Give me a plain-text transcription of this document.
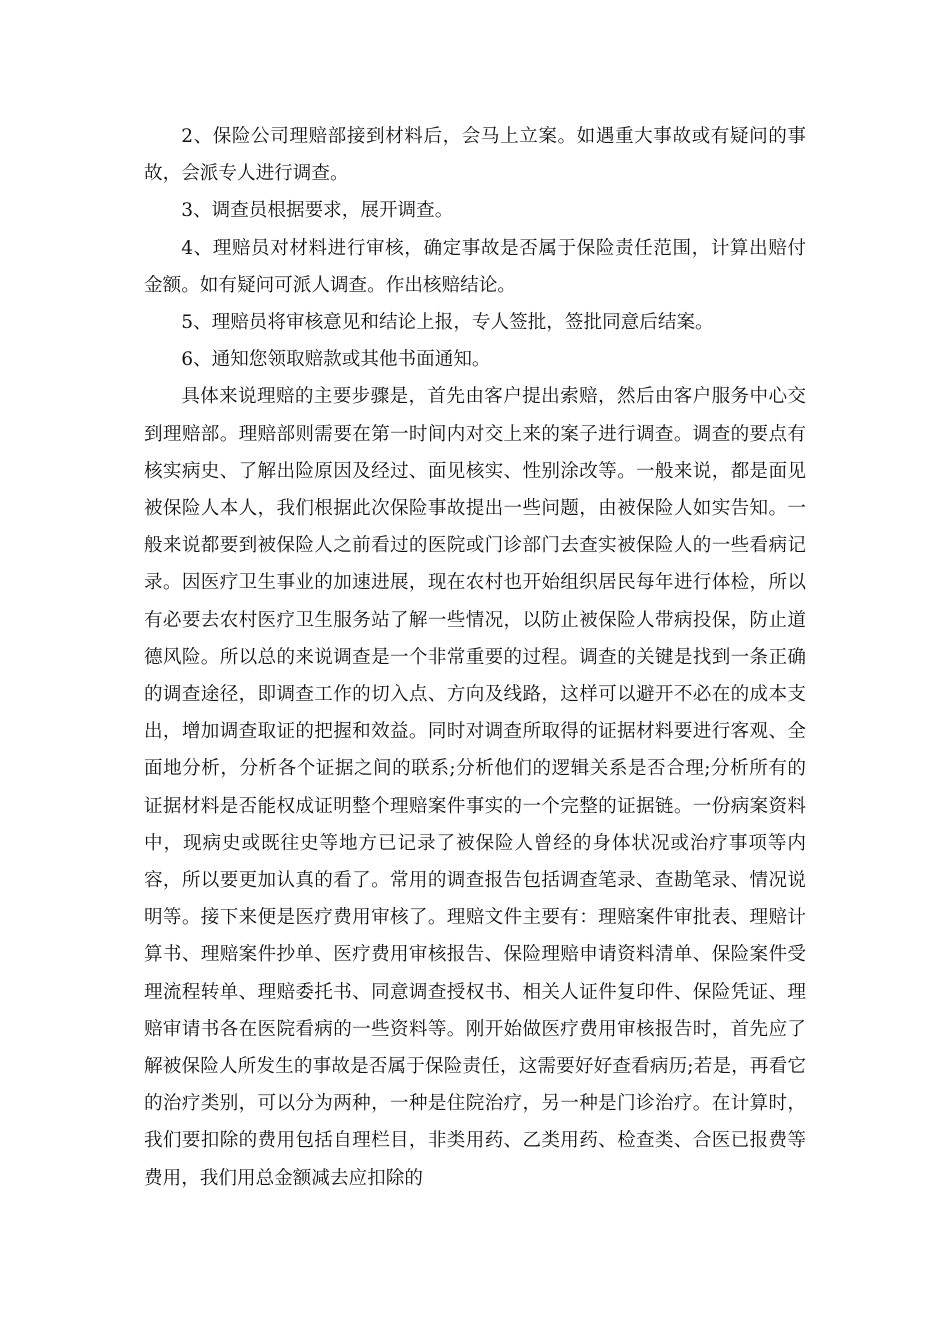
2、保险公司理赔部接到材料后，会马上立案。如遇重大事故或有疑问的事故，会派专人进行调查。

3、调查员根据要求，展开调查。

4、理赔员对材料进行审核，确定事故是否属于保险责任范围，计算出赔付金额。如有疑问可派人调查。作出核赔结论。

5、理赔员将审核意见和结论上报，专人签批，签批同意后结案。

6、通知您领取赔款或其他书面通知。

具体来说理赔的主要步骤是，首先由客户提出索赔，然后由客户服务中心交到理赔部。理赔部则需要在第一时间内对交上来的案子进行调查。调查的要点有核实病史、了解出险原因及经过、面见核实、性别涂改等。一般来说，都是面见被保险人本人，我们根据此次保险事故提出一些问题，由被保险人如实告知。一般来说都要到被保险人之前看过的医院或门诊部门去查实被保险人的一些看病记录。因医疗卫生事业的加速进展，现在农村也开始组织居民每年进行体检，所以有必要去农村医疗卫生服务站了解一些情况，以防止被保险人带病投保，防止道德风险。所以总的来说调查是一个非常重要的过程。调查的关键是找到一条正确的调查途径，即调查工作的切入点、方向及线路，这样可以避开不必在的成本支出，增加调查取证的把握和效益。同时对调查所取得的证据材料要进行客观、全面地分析，分析各个证据之间的联系;分析他们的逻辑关系是否合理;分析所有的证据材料是否能权成证明整个理赔案件事实的一个完整的证据链。一份病案资料中，现病史或既往史等地方已记录了被保险人曾经的身体状况或治疗事项等内容，所以要更加认真的看了。常用的调查报告包括调查笔录、查勘笔录、情况说明等。接下来便是医疗费用审核了。理赔文件主要有：理赔案件审批表、理赔计算书、理赔案件抄单、医疗费用审核报告、保险理赔申请资料清单、保险案件受理流程转单、理赔委托书、同意调查授权书、相关人证件复印件、保险凭证、理赔审请书各在医院看病的一些资料等。刚开始做医疗费用审核报告时，首先应了解被保险人所发生的事故是否属于保险责任，这需要好好查看病历;若是，再看它的治疗类别，可以分为两种，一种是住院治疗，另一种是门诊治疗。在计算时，我们要扣除的费用包括自理栏目，非类用药、乙类用药、检查类、合医已报费等费用，我们用总金额减去应扣除的
